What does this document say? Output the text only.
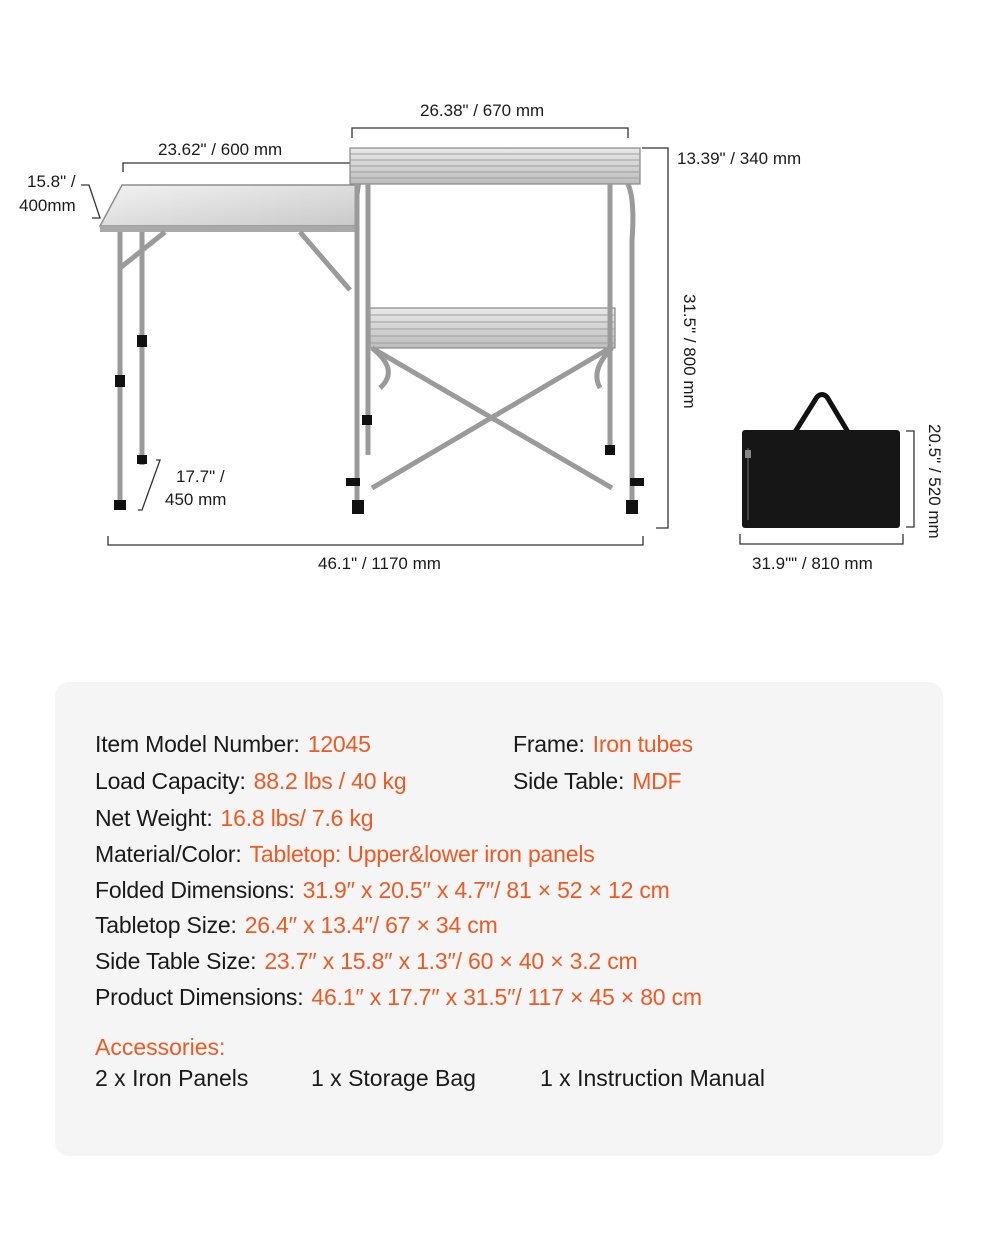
26.38" / 670 mm
13.39" / 340 mm
23.62" / 600 mm
15.8" /
400mm
17.7" /
450 mm
31.5" / 800 mm
46.1" / 1170 mm	31.9"" / 810 mm
20.5" / 520 mm
Item Model Number: 12045	Frame: Iron tubes
Load Capacity: 88.2 lbs / 40 kg	Side Table: MDF
Net Weight: 16.8 lbs/ 7.6 kg
Material/Color: Tabletop: Upper&lower iron panels
Folded Dimensions: 31.9′′ x 20.5′′ x 4.7′′/ 81 × 52 × 12 cm
Tabletop Size: 26.4′′ x 13.4′′/ 67 × 34 cm
Side Table Size: 23.7′′ x 15.8′′ x 1.3′′/ 60 × 40 × 3.2 cm
Product Dimensions: 46.1′′ x 17.7′′ x 31.5′′/ 117 × 45 × 80 cm
Accessories:
2 x Iron Panels	1 x Storage Bag	1 x Instruction Manual
